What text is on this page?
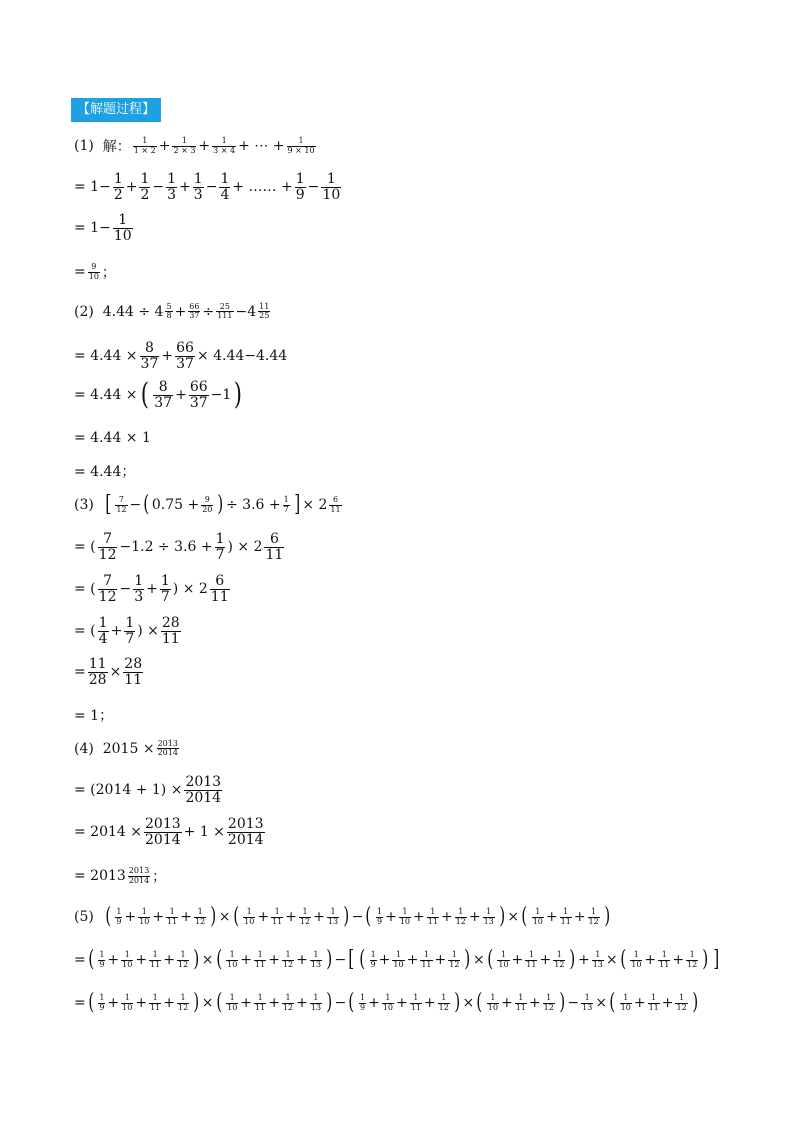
【解题过程】
(1)
解： 1
1 × 2 + 1
2 × 3 + 1
3 × 4 + ⋯ + 1
9 × 10
= 1−
1
2 +
1
2 −
1
3 +
1
3 −
1
4 + …… +
1
9 −
1
10
= 1−
1
10
= 9
10 ；
(2) 4.44 ÷ 4 5
8 + 66
37 ÷ 25
111 −4 11
25
= 4.44 ×
8
37 +
66
37 × 4.44−4.44
= 4.44 × ( 8
37 +
66
37 −1 )
= 4.44 × 1
= 4.44；
(3)
[ 7
12 − ( 0.75 + 9
20 ) ÷ 3.6 + 1
7 ] × 2 6
11
= (
7
12 −1.2 ÷ 3.6 +
1
7 ) × 2
6
11
= (
7
12 −
1
3 +
1
7 ) × 2
6
11
= (
1
4 +
1
7 ) ×
28
11
=
11
28 ×
28
11
= 1；
(4) 2015 × 2013
2014
= $(2014 + 1) \times \frac{2013}{2014}$
= $2014 \times \frac{2013}{2014} + 1$ ×
2013
2014
= 2013 2013
2014 ；
(5)
( 1
9 + 1
10 + 1
11 + 1
12 ) × ( 1
10 + 1
11 + 1
12 + 1
13 ) − ( 1
9 + 1
10 + 1
11 + 1
12 + 1
13 ) × ( 1
10 + 1
11 + 1
12 )
= ( 1
9 + 1
10 + 1
11 + 1
12 ) × ( 1
10 + 1
11 + 1
12 + 1
13 ) − [ ( 1
9 + 1
10 + 1
11 + 1
12 ) × ( 1
10 + 1
11 + 1
12 ) + 1
13 × ( 1
10 + 1
11 + 1
12 ) ]
= ( 1
9 + 1
10 + 1
11 + 1
12 ) × ( 1
10 + 1
11 + 1
12 + 1
13 ) − ( 1
9 + 1
10 + 1
11 + 1
12 ) × ( 1
10 + 1
11 + 1
12 ) − 1
13 × ( 1
10 + 1
11 + 1
12 )
